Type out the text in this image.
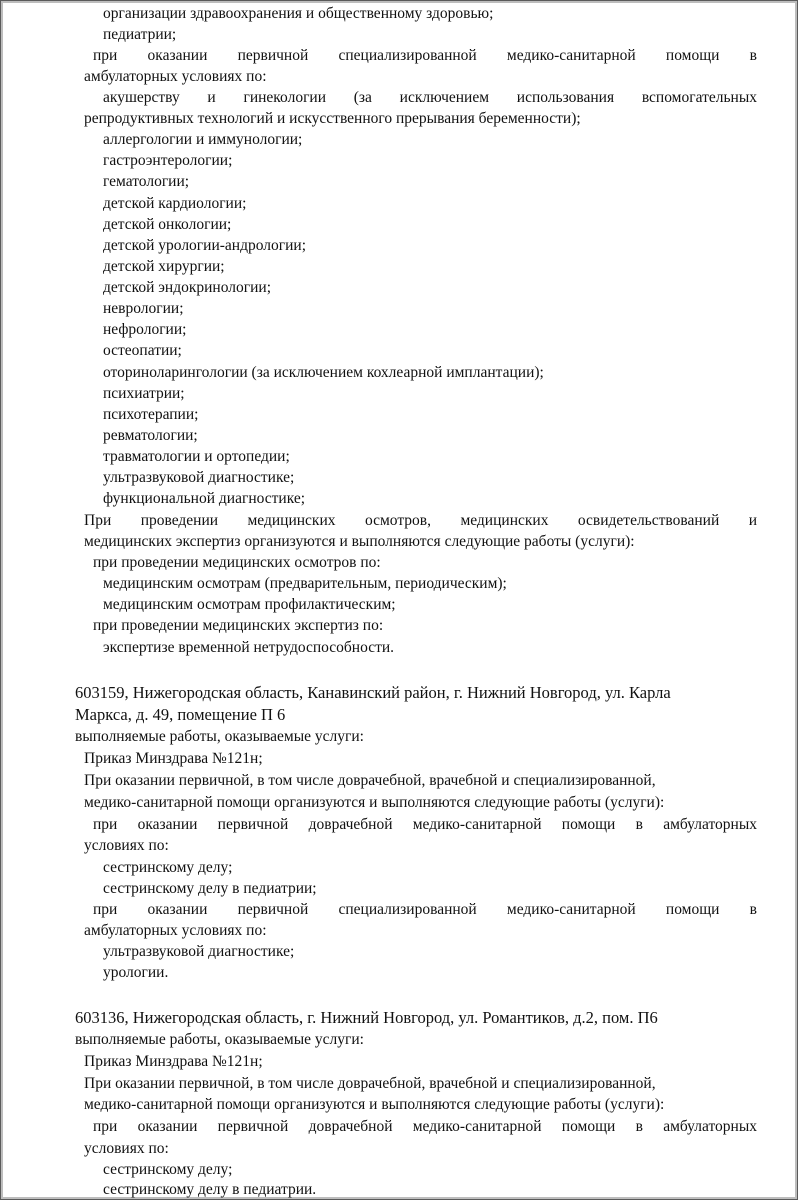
организации здравоохранения и общественному здоровью;
педиатрии;
при оказании первичной специализированной медико-санитарной помощи в
амбулаторных условиях по:
акушерству и гинекологии (за исключением использования вспомогательных
репродуктивных технологий и искусственного прерывания беременности);
аллергологии и иммунологии;
гастроэнтерологии;
гематологии;
детской кардиологии;
детской онкологии;
детской урологии-андрологии;
детской хирургии;
детской эндокринологии;
неврологии;
нефрологии;
остеопатии;
оториноларингологии (за исключением кохлеарной имплантации);
психиатрии;
психотерапии;
ревматологии;
травматологии и ортопедии;
ультразвуковой диагностике;
функциональной диагностике;
При проведении медицинских осмотров, медицинских освидетельствований и
медицинских экспертиз организуются и выполняются следующие работы (услуги):
при проведении медицинских осмотров по:
медицинским осмотрам (предварительным, периодическим);
медицинским осмотрам профилактическим;
при проведении медицинских экспертиз по:
экспертизе временной нетрудоспособности.
603159, Нижегородская область, Канавинский район, г. Нижний Новгород, ул. Карла
Маркса, д. 49, помещение П 6
выполняемые работы, оказываемые услуги:
Приказ Минздрава №121н;
При оказании первичной, в том числе доврачебной, врачебной и специализированной,
медико-санитарной помощи организуются и выполняются следующие работы (услуги):
при оказании первичной доврачебной медико-санитарной помощи в амбулаторных
условиях по:
сестринскому делу;
сестринскому делу в педиатрии;
при оказании первичной специализированной медико-санитарной помощи в
амбулаторных условиях по:
ультразвуковой диагностике;
урологии.
603136, Нижегородская область, г. Нижний Новгород, ул. Романтиков, д.2, пом. П6
выполняемые работы, оказываемые услуги:
Приказ Минздрава №121н;
При оказании первичной, в том числе доврачебной, врачебной и специализированной,
медико-санитарной помощи организуются и выполняются следующие работы (услуги):
при оказании первичной доврачебной медико-санитарной помощи в амбулаторных
условиях по:
сестринскому делу;
сестринскому делу в педиатрии.
